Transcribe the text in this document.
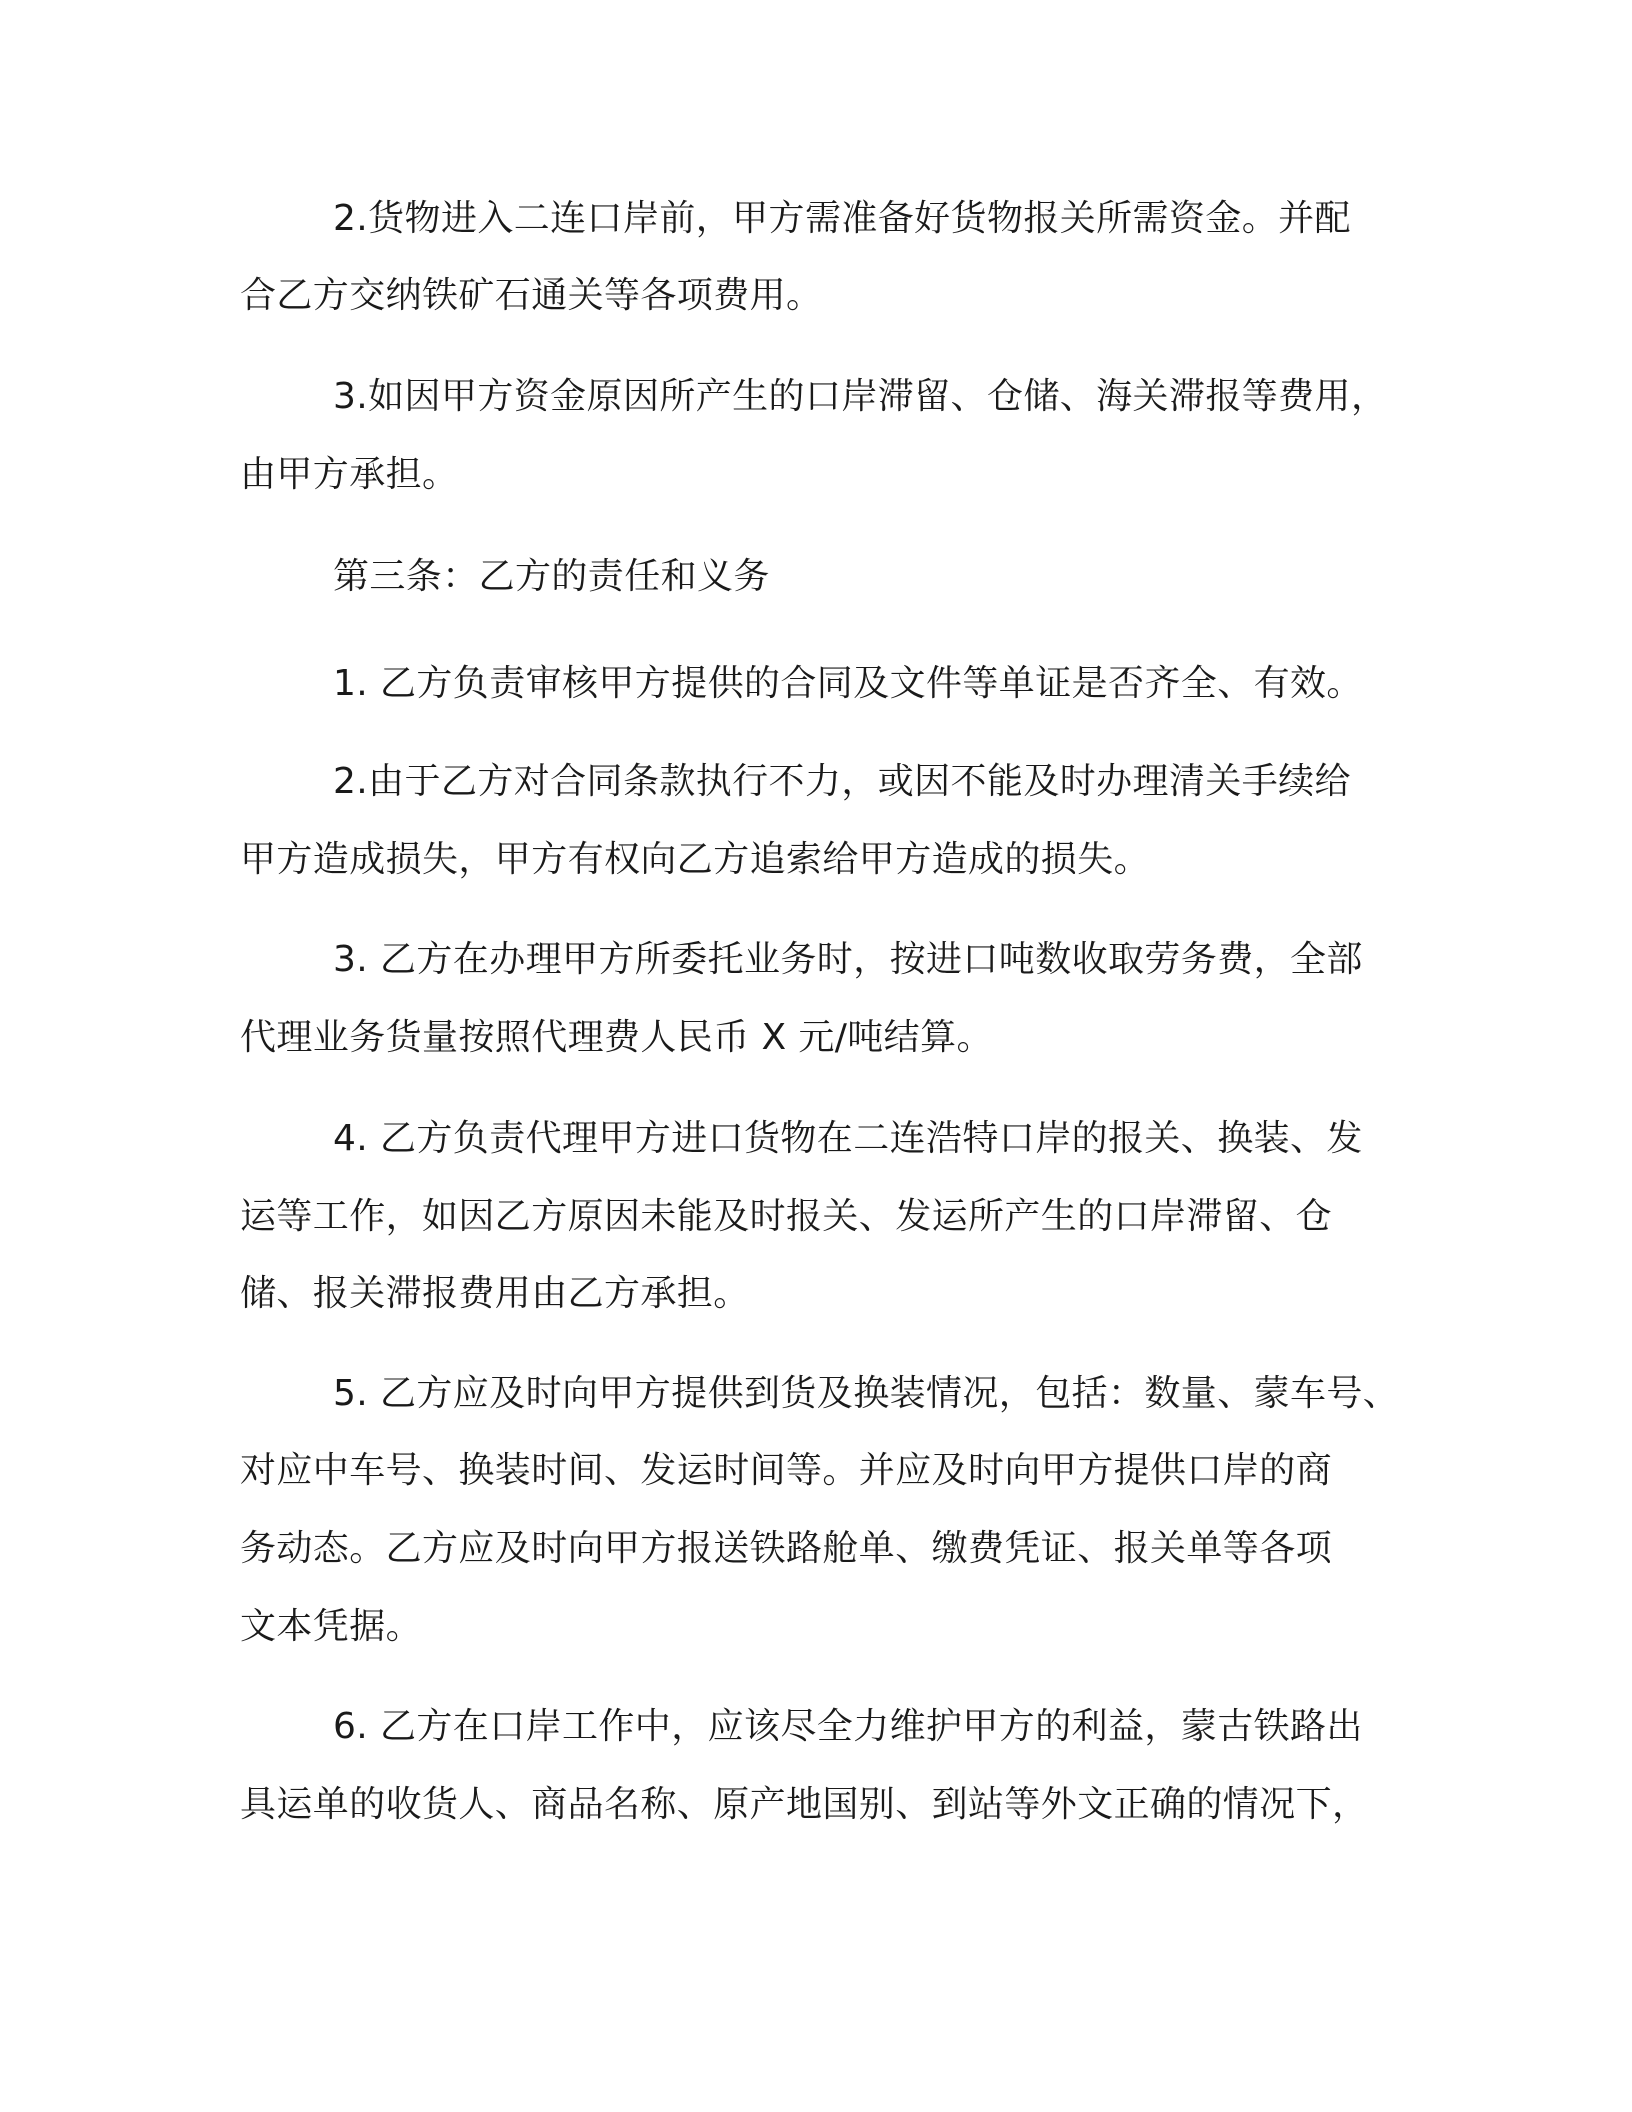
2.货物进入二连口岸前，甲方需准备好货物报关所需资金。并配

合乙方交纳铁矿石通关等各项费用。

3.如因甲方资金原因所产生的口岸滞留、仓储、海关滞报等费用，

由甲方承担。

第三条：乙方的责任和义务

1. 乙方负责审核甲方提供的合同及文件等单证是否齐全、有效。

2.由于乙方对合同条款执行不力，或因不能及时办理清关手续给

甲方造成损失，甲方有权向乙方追索给甲方造成的损失。

3. 乙方在办理甲方所委托业务时，按进口吨数收取劳务费，全部

代理业务货量按照代理费人民币 X 元/吨结算。

4. 乙方负责代理甲方进口货物在二连浩特口岸的报关、换装、发

运等工作，如因乙方原因未能及时报关、发运所产生的口岸滞留、仓

储、报关滞报费用由乙方承担。

5. 乙方应及时向甲方提供到货及换装情况，包括：数量、蒙车号、

对应中车号、换装时间、发运时间等。并应及时向甲方提供口岸的商

务动态。乙方应及时向甲方报送铁路舱单、缴费凭证、报关单等各项

文本凭据。

6. 乙方在口岸工作中，应该尽全力维护甲方的利益，蒙古铁路出

具运单的收货人、商品名称、原产地国别、到站等外文正确的情况下，
